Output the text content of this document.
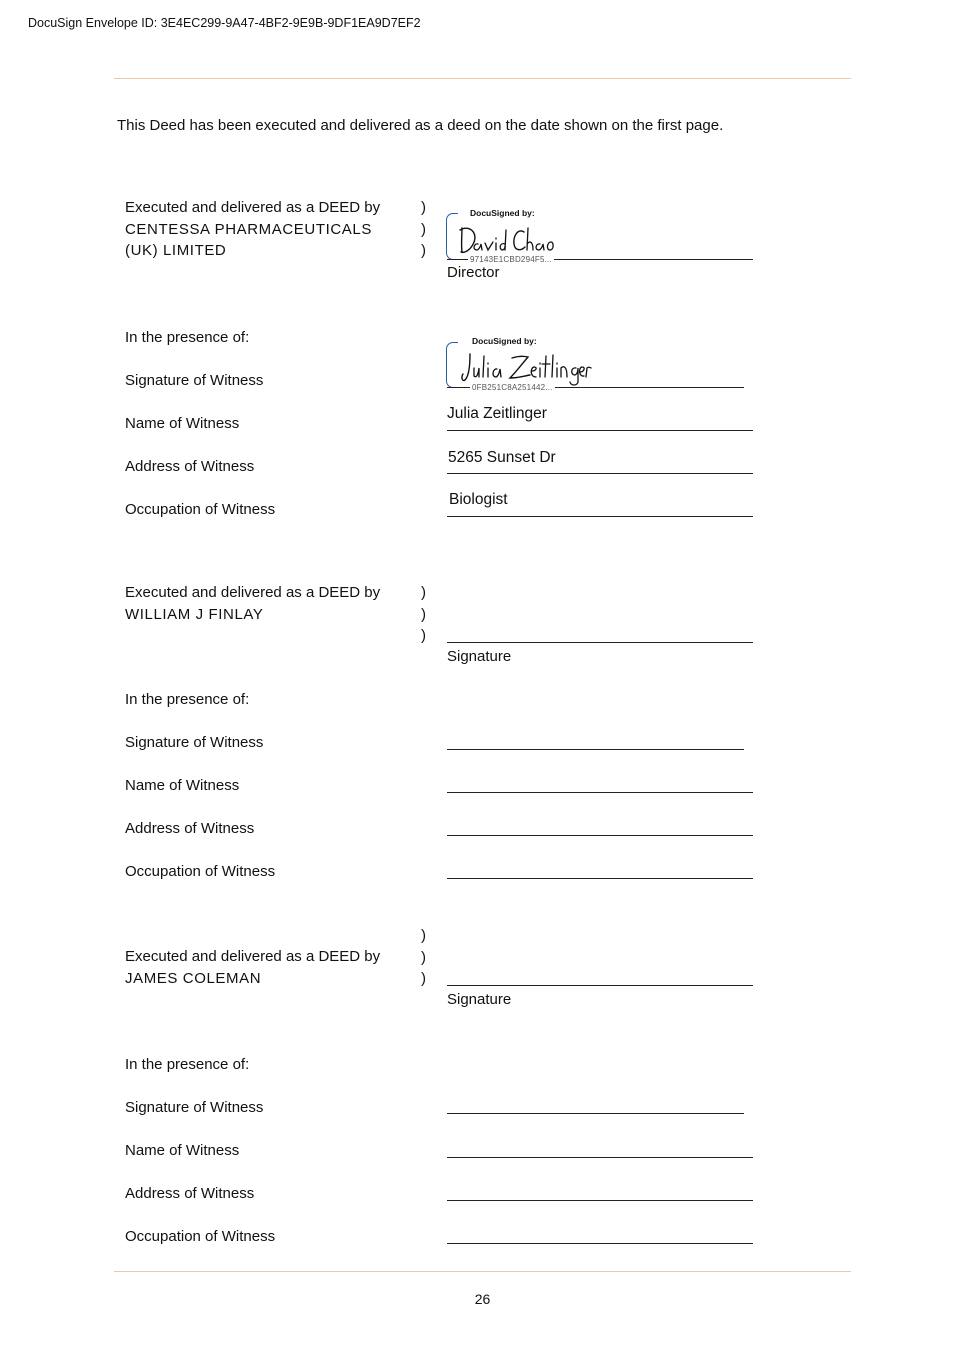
DocuSign Envelope ID: 3E4EC299-9A47-4BF2-9E9B-9DF1EA9D7EF2
This Deed has been executed and delivered as a deed on the date shown on the first page.
Executed and delivered as a DEED by
CENTESSA PHARMACEUTICALS
(UK) LIMITED
)
)
)
DocuSigned by:
97143E1CBD294F5...
Director
In the presence of:
Signature of Witness
Name of Witness
Address of Witness
Occupation of Witness
DocuSigned by:
0FB251C8A251442...
Julia Zeitlinger
5265 Sunset Dr
Biologist
Executed and delivered as a DEED by
WILLIAM J FINLAY
)
)
)
Signature
In the presence of:
Signature of Witness
Name of Witness
Address of Witness
Occupation of Witness
)
)
)
Executed and delivered as a DEED by
JAMES COLEMAN
Signature
In the presence of:
Signature of Witness
Name of Witness
Address of Witness
Occupation of Witness
26
